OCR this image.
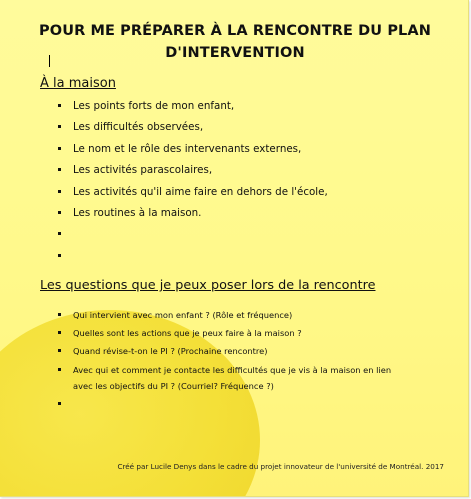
POUR ME PRÉPARER À LA RENCONTRE DU PLAN D'INTERVENTION
À la maison
Les points forts de mon enfant,
Les difficultés observées,
Le nom et le rôle des intervenants externes,
Les activités parascolaires,
Les activités qu'il aime faire en dehors de l'école,
Les routines à la maison.
Les questions que je peux poser lors de la rencontre
Qui intervient avec mon enfant ? (Rôle et fréquence)
Quelles sont les actions que je peux faire à la maison ?
Quand révise-t-on le PI ? (Prochaine rencontre)
Avec qui et comment je contacte les difficultés que je vis à la maison en lien avec les objectifs du PI ? (Courriel? Fréquence ?)
Créé par Lucile Denys dans le cadre du projet innovateur de l'université de Montréal. 2017
